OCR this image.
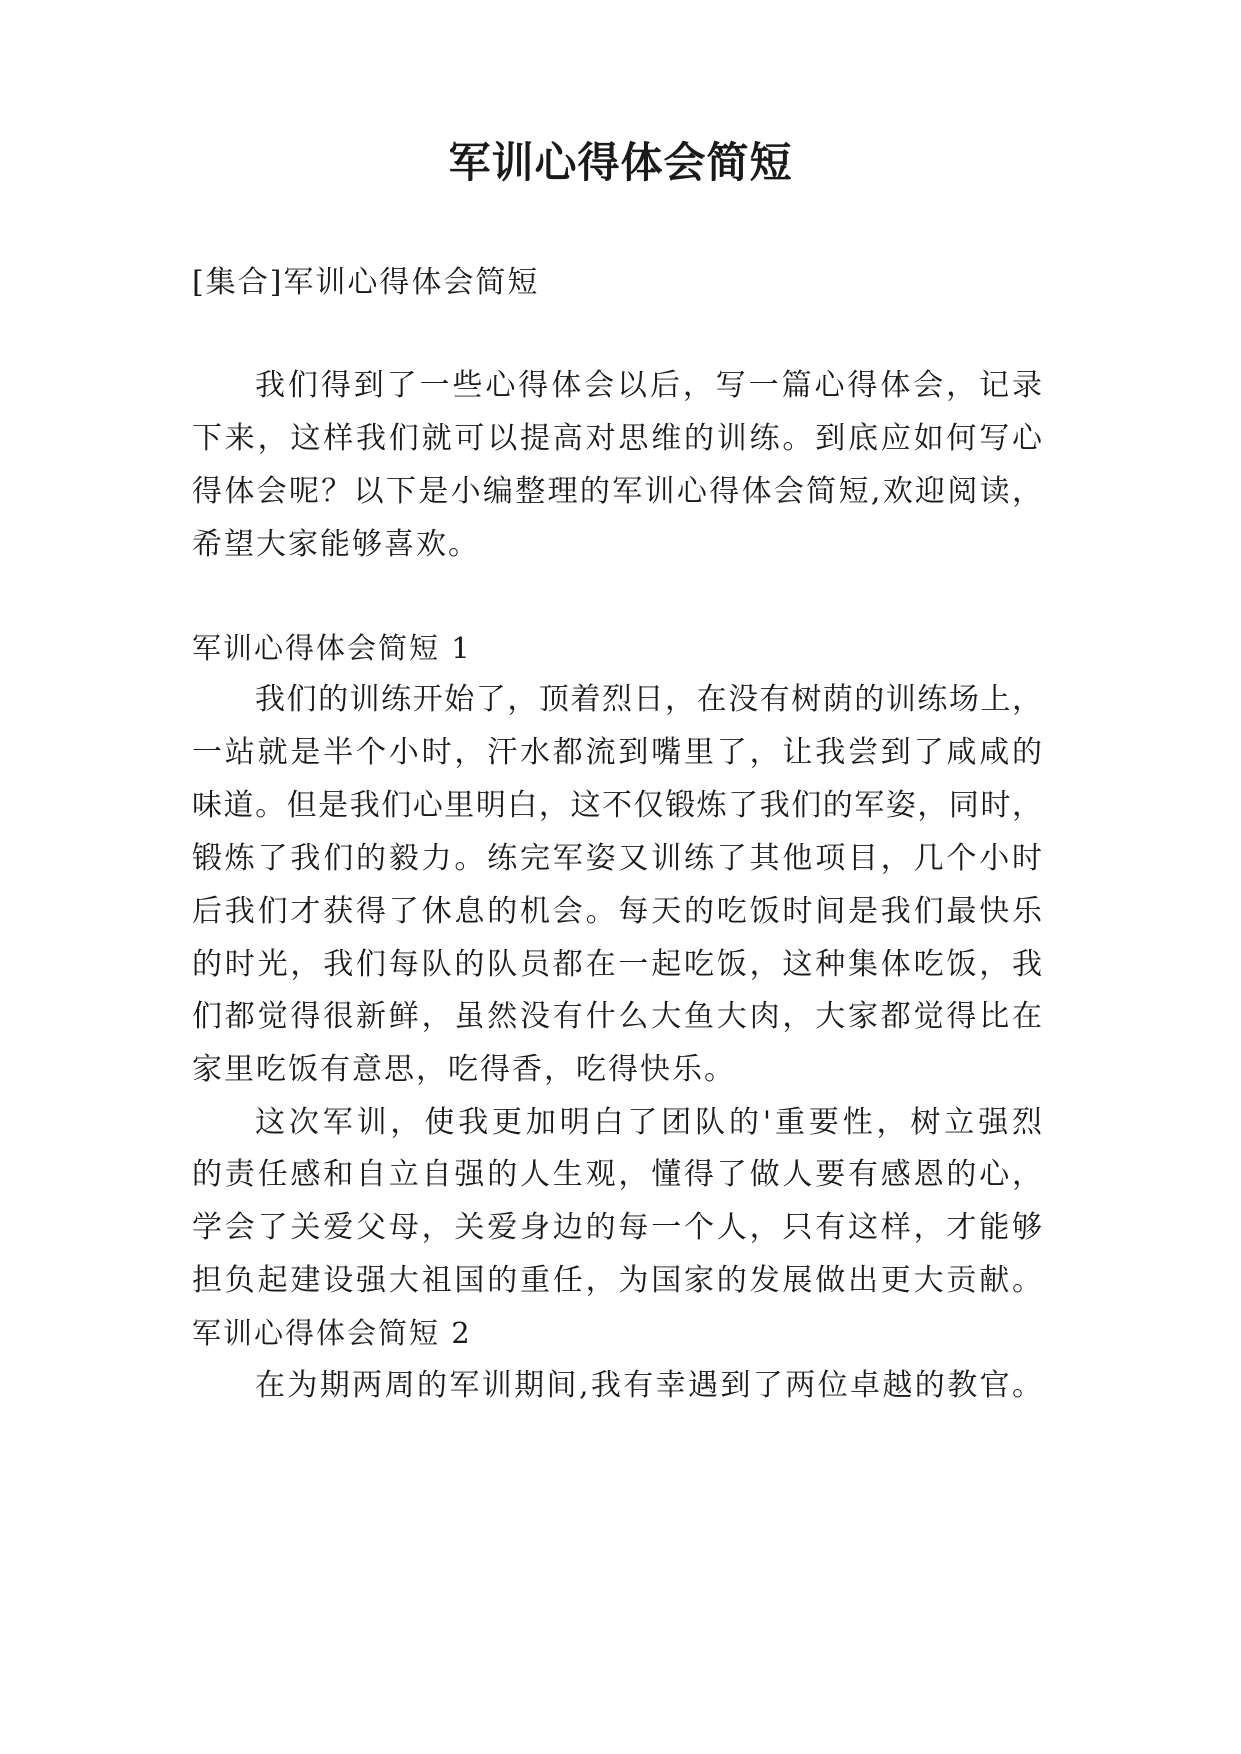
军训心得体会简短
[集合]军训心得体会简短
我们得到了一些心得体会以后，写一篇心得体会，记录
下来，这样我们就可以提高对思维的训练。到底应如何写心
得体会呢？以下是小编整理的军训心得体会简短,欢迎阅读，
希望大家能够喜欢。
军训心得体会简短 1
我们的训练开始了，顶着烈日，在没有树荫的训练场上，
一站就是半个小时，汗水都流到嘴里了，让我尝到了咸咸的
味道。但是我们心里明白，这不仅锻炼了我们的军姿，同时，
锻炼了我们的毅力。练完军姿又训练了其他项目，几个小时
后我们才获得了休息的机会。每天的吃饭时间是我们最快乐
的时光，我们每队的队员都在一起吃饭，这种集体吃饭，我
们都觉得很新鲜，虽然没有什么大鱼大肉，大家都觉得比在
家里吃饭有意思，吃得香，吃得快乐。
这次军训，使我更加明白了团队的'重要性，树立强烈
的责任感和自立自强的人生观，懂得了做人要有感恩的心，
学会了关爱父母，关爱身边的每一个人，只有这样，才能够
担负起建设强大祖国的重任，为国家的发展做出更大贡献。
军训心得体会简短 2
在为期两周的军训期间,我有幸遇到了两位卓越的教官。
